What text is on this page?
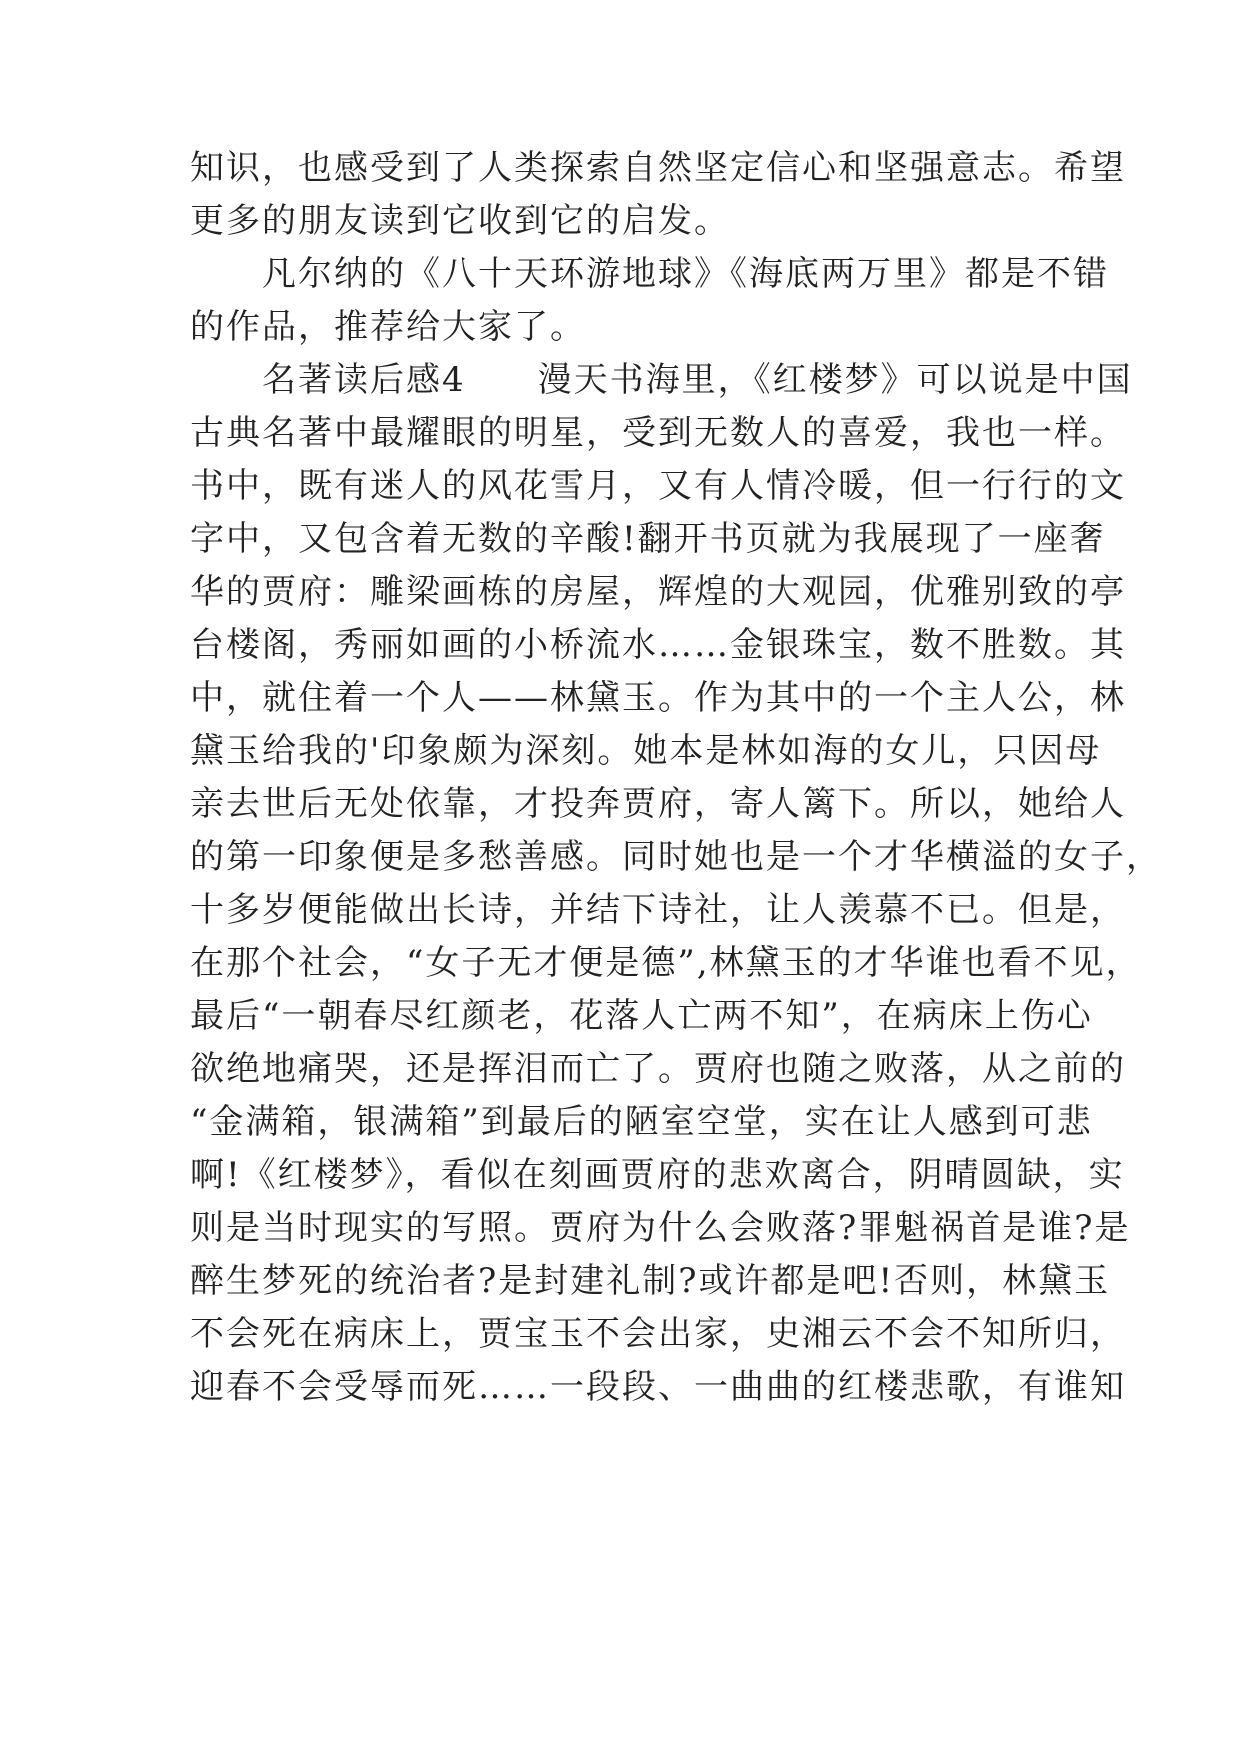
知识，也感受到了人类探索自然坚定信心和坚强意志。希望
更多的朋友读到它收到它的启发。
　　凡尔纳的《八十天环游地球》《海底两万里》都是不错
的作品，推荐给大家了。
　　名著读后感4　　漫天书海里，《红楼梦》可以说是中国
古典名著中最耀眼的明星，受到无数人的喜爱，我也一样。
书中，既有迷人的风花雪月，又有人情冷暖，但一行行的文
字中，又包含着无数的辛酸!翻开书页就为我展现了一座奢
华的贾府：雕梁画栋的房屋，辉煌的大观园，优雅别致的亭
台楼阁，秀丽如画的小桥流水……金银珠宝，数不胜数。其
中，就住着一个人——林黛玉。作为其中的一个主人公，林
黛玉给我的'印象颇为深刻。她本是林如海的女儿，只因母
亲去世后无处依靠，才投奔贾府，寄人篱下。所以，她给人
的第一印象便是多愁善感。同时她也是一个才华横溢的女子，
十多岁便能做出长诗，并结下诗社，让人羡慕不已。但是，
在那个社会，“女子无才便是德”,林黛玉的才华谁也看不见，
最后“一朝春尽红颜老，花落人亡两不知”，在病床上伤心
欲绝地痛哭，还是挥泪而亡了。贾府也随之败落，从之前的
“金满箱，银满箱”到最后的陋室空堂，实在让人感到可悲
啊!《红楼梦》，看似在刻画贾府的悲欢离合，阴晴圆缺，实
则是当时现实的写照。贾府为什么会败落?罪魁祸首是谁?是
醉生梦死的统治者?是封建礼制?或许都是吧!否则，林黛玉
不会死在病床上，贾宝玉不会出家，史湘云不会不知所归，
迎春不会受辱而死……一段段、一曲曲的红楼悲歌，有谁知
